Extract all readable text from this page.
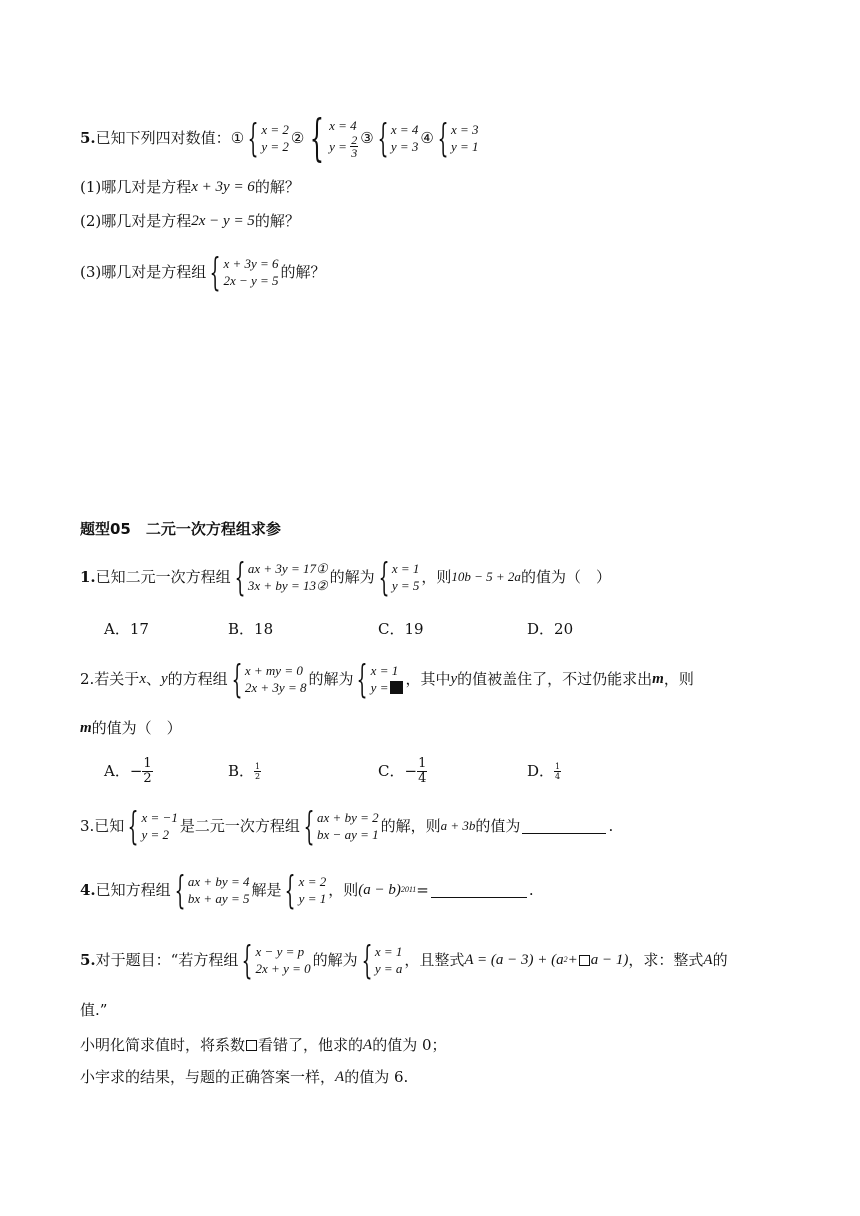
5. 已知下列四对数值： ① { x = 2
y = 2 ② { x = 4
y =
$\frac{2}{3}$ ③ { x = 4
y = 3 ④ { x = 3
y = 1
(1)哪几对是方程 x + 3y = 6 的解？
(2)哪几对是方程 2x − y = 5 的解？
(3)哪几对是方程组 { x + 3y = 6
2x − y = 5 的解？
题型05　二元一次方程组求参
1. 已知二元一次方程组 { ax + 3y = 17①
3x + by = 13② 的解为 { x = 1
y = 5 ，则 10b − 5 + 2a 的值为（　）
A．17	B．18	C．19	D．20
2.若关于 x 、 y 的方程组 { x + my = 0
2x + 3y = 8 的解为 { x = 1
y = ，其中 y 的值被盖住了，不过仍能求出 m ，则
m 的值为（　）
A． − $\frac{1}{2}$	B． $\frac{1}{2}$	C． − $\frac{1}{4}$	D． $\frac{1}{4}$
3.已知 { x = −1
y = 2 是二元一次方程组 { ax + by = 2
bx − ay = 1 的解，则 a + 3b 的值为	.
4. 已知方程组 { ax + by = 4
bx + ay = 5 解是 { x = 2
y = 1 ，则 (a − b) 2011 =	.
5. 对于题目：“若方程组 { x − y = p
2x + y = 0 的解为 { x = 1
y = a ，且整式 A = (a − 3) + (a 2 + a − 1) ，求：整式 A 的
值.”
小明化简求值时，将系数 看错了，他求的 A 的值为 0；
小宇求的结果，与题的正确答案一样， A 的值为 6.
